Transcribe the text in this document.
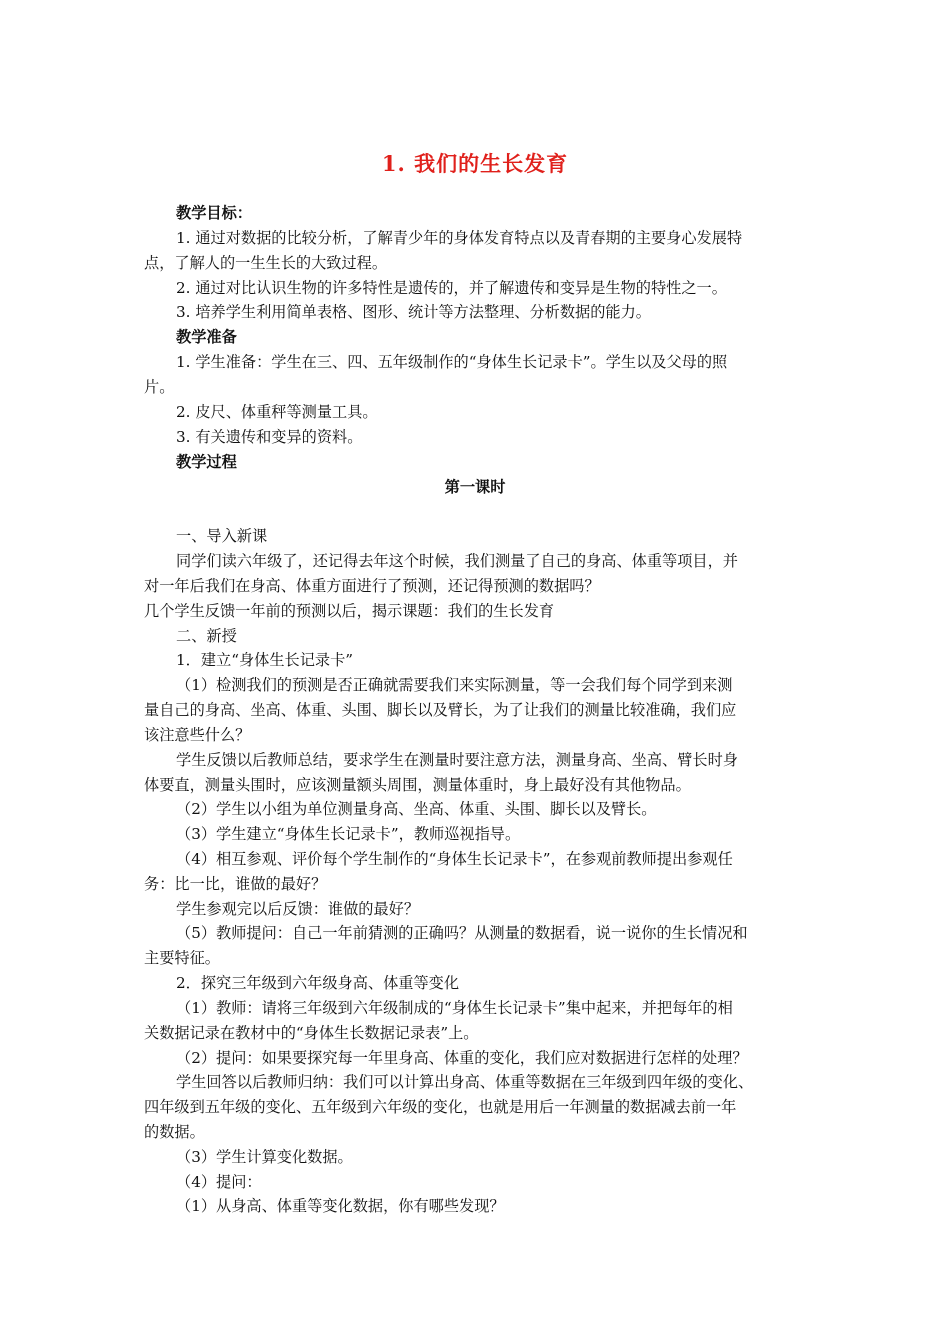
1. 我们的生长发育
教学目标：
1. 通过对数据的比较分析，了解青少年的身体发育特点以及青春期的主要身心发展特
点，了解人的一生生长的大致过程。
2. 通过对比认识生物的许多特性是遗传的，并了解遗传和变异是生物的特性之一。
3. 培养学生利用简单表格、图形、统计等方法整理、分析数据的能力。
教学准备
1. 学生准备：学生在三、四、五年级制作的“身体生长记录卡”。学生以及父母的照
片。
2. 皮尺、体重秤等测量工具。
3. 有关遗传和变异的资料。
教学过程
第一课时
一、导入新课
同学们读六年级了，还记得去年这个时候，我们测量了自己的身高、体重等项目，并
对一年后我们在身高、体重方面进行了预测，还记得预测的数据吗？
几个学生反馈一年前的预测以后，揭示课题：我们的生长发育
二、新授
1．建立“身体生长记录卡”
（1）检测我们的预测是否正确就需要我们来实际测量，等一会我们每个同学到来测
量自己的身高、坐高、体重、头围、脚长以及臂长，为了让我们的测量比较准确，我们应
该注意些什么？
学生反馈以后教师总结，要求学生在测量时要注意方法，测量身高、坐高、臂长时身
体要直，测量头围时，应该测量额头周围，测量体重时，身上最好没有其他物品。
（2）学生以小组为单位测量身高、坐高、体重、头围、脚长以及臂长。
（3）学生建立“身体生长记录卡”，教师巡视指导。
（4）相互参观、评价每个学生制作的“身体生长记录卡”，在参观前教师提出参观任
务：比一比，谁做的最好？
学生参观完以后反馈：谁做的最好？
（5）教师提问：自己一年前猜测的正确吗？从测量的数据看，说一说你的生长情况和
主要特征。
2．探究三年级到六年级身高、体重等变化
（1）教师：请将三年级到六年级制成的“身体生长记录卡”集中起来，并把每年的相
关数据记录在教材中的“身体生长数据记录表”上。
（2）提问：如果要探究每一年里身高、体重的变化，我们应对数据进行怎样的处理？
学生回答以后教师归纳：我们可以计算出身高、体重等数据在三年级到四年级的变化、
四年级到五年级的变化、五年级到六年级的变化，也就是用后一年测量的数据减去前一年
的数据。
（3）学生计算变化数据。
（4）提问：
（1）从身高、体重等变化数据，你有哪些发现？
